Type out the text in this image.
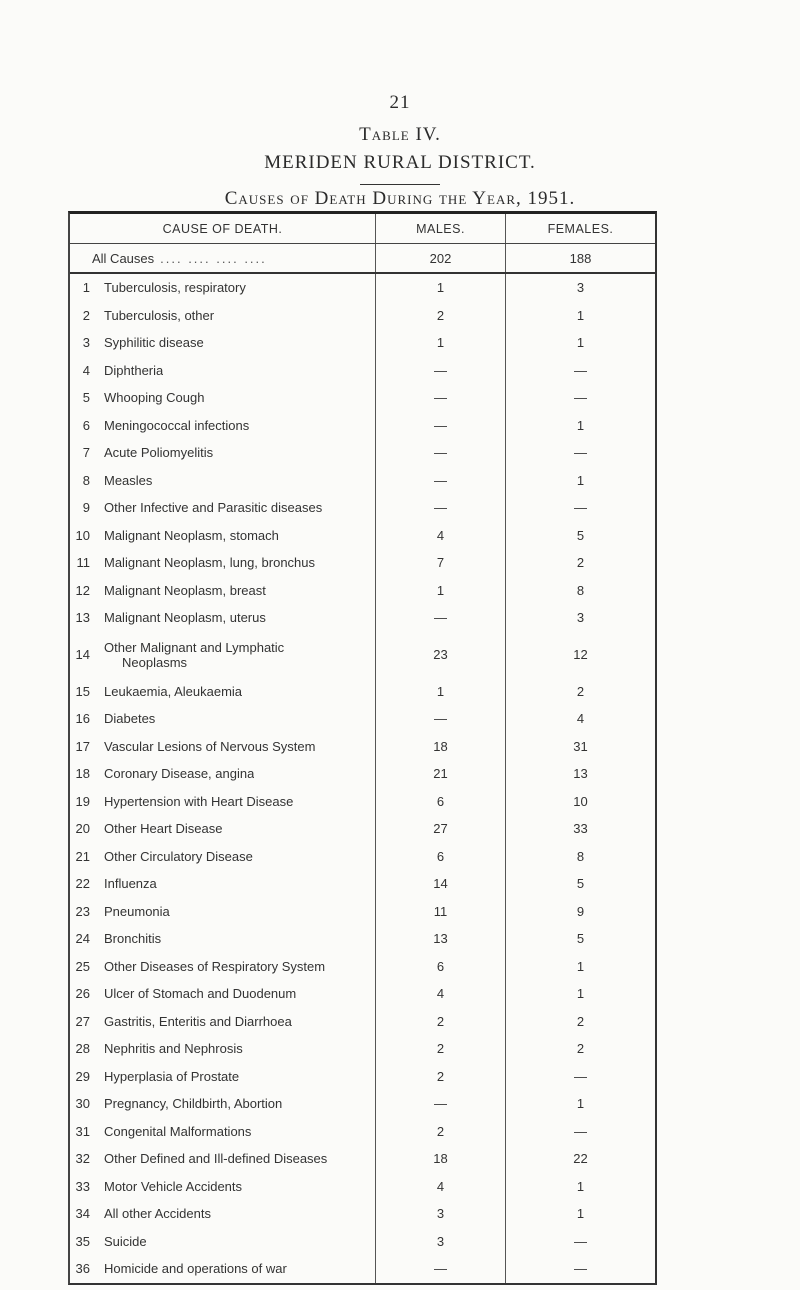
21
Table IV.
MERIDEN RURAL DISTRICT.
Causes of Death During the Year, 1951.
CAUSE OF DEATH.	MALES.	FEMALES.
All Causes .... .... .... ....	202	188
1 Tuberculosis, respiratory	1	3
2 Tuberculosis, other	2	1
3 Syphilitic disease	1	1
4 Diphtheria	—	—
5 Whooping Cough	—	—
6 Meningococcal infections	—	1
7 Acute Poliomyelitis	—	—
8 Measles	—	1
9 Other Infective and Parasitic diseases	—	—
10 Malignant Neoplasm, stomach	4	5
11 Malignant Neoplasm, lung, bronchus	7	2
12 Malignant Neoplasm, breast	1	8
13 Malignant Neoplasm, uterus	—	3
14 Other Malignant and Lymphatic
Neoplasms	23	12
15 Leukaemia, Aleukaemia	1	2
16 Diabetes	—	4
17 Vascular Lesions of Nervous System	18	31
18 Coronary Disease, angina	21	13
19 Hypertension with Heart Disease	6	10
20 Other Heart Disease	27	33
21 Other Circulatory Disease	6	8
22 Influenza	14	5
23 Pneumonia	11	9
24 Bronchitis	13	5
25 Other Diseases of Respiratory System	6	1
26 Ulcer of Stomach and Duodenum	4	1
27 Gastritis, Enteritis and Diarrhoea	2	2
28 Nephritis and Nephrosis	2	2
29 Hyperplasia of Prostate	2	—
30 Pregnancy, Childbirth, Abortion	—	1
31 Congenital Malformations	2	—
32 Other Defined and Ill-defined Diseases	18	22
33 Motor Vehicle Accidents	4	1
34 All other Accidents	3	1
35 Suicide	3	—
36 Homicide and operations of war	—	—
